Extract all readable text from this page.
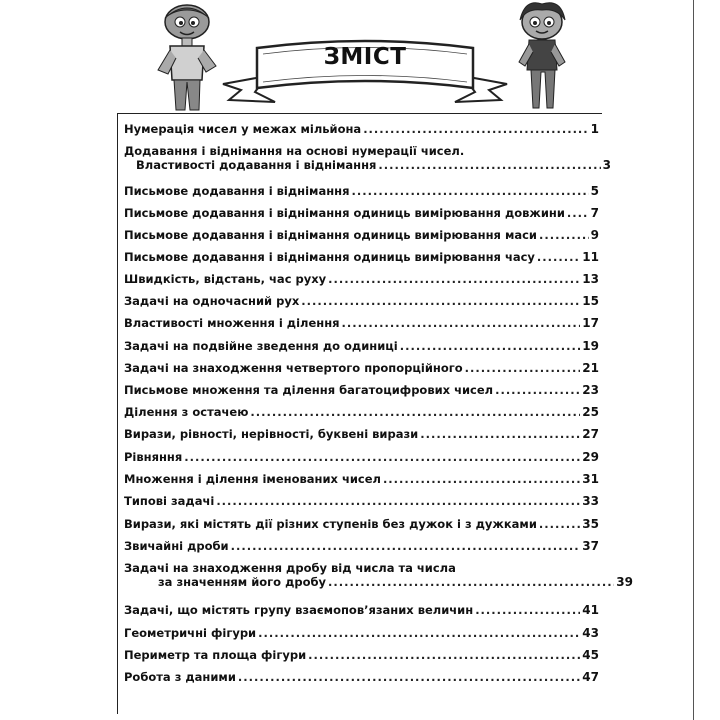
ЗМІСТ
Нумерація чисел у межах мільйона .....	1
Додавання і віднімання на основі нумерації чисел.
Властивості додавання і віднімання .....	3
Письмове додавання і віднімання .....	5
Письмове додавання і віднімання одиниць вимірювання довжини ..... 7
Письмове додавання і віднімання одиниць вимірювання маси .....	9
Письмове додавання і віднімання одиниць вимірювання часу .....	11
Швидкість, відстань, час руху .....	13
Задачі на одночасний рух .....	15
Властивості множення і ділення .....	17
Задачі на подвійне зведення до одиниці .....	19
Задачі на знаходження четвертого пропорційного .....	21
Письмове множення та ділення багатоцифрових чисел .....	23
Ділення з остачею .....	25
Вирази, рівності, нерівності, буквені вирази .....	27
Рівняння .....	29
Множення і ділення іменованих чисел .....	31
Типові задачі .....	33
Вирази, які містять дії різних ступенів без дужок і з дужками .....	35
Звичайні дроби .....	37
Задачі на знаходження дробу від числа та числа
за значенням його дробу .....	39
Задачі, що містять групу взаємопов’язаних величин .....	41
Геометричні фігури .....	43
Периметр та площа фігури .....	45
Робота з даними .....	47
